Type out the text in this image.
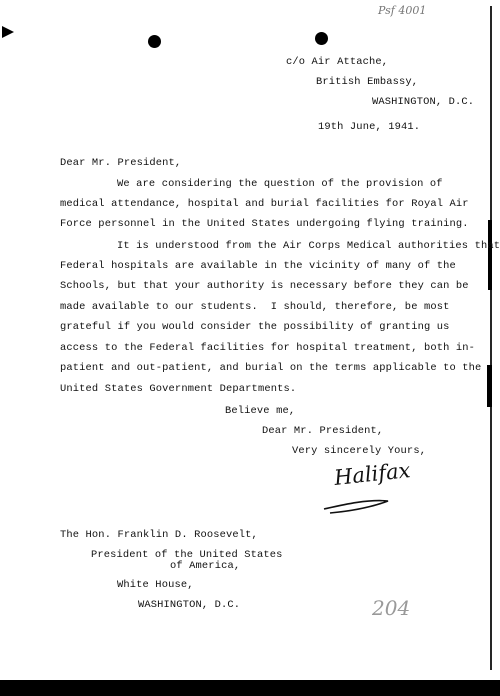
Psf 4001
c/o Air Attache,
British Embassy,
WASHINGTON, D.C.
19th June, 1941.
Dear Mr. President,
We are considering the question of the provision of
medical attendance, hospital and burial facilities for Royal Air
Force personnel in the United States undergoing flying training.
It is understood from the Air Corps Medical authorities that
Federal hospitals are available in the vicinity of many of the
Schools, but that your authority is necessary before they can be
made available to our students.  I should, therefore, be most
grateful if you would consider the possibility of granting us
access to the Federal facilities for hospital treatment, both in-
patient and out-patient, and burial on the terms applicable to the
United States Government Departments.
Believe me,
Dear Mr. President,
Very sincerely Yours,
Halifax
The Hon. Franklin D. Roosevelt,
President of the United States
of America,
White House,
WASHINGTON, D.C.	204
